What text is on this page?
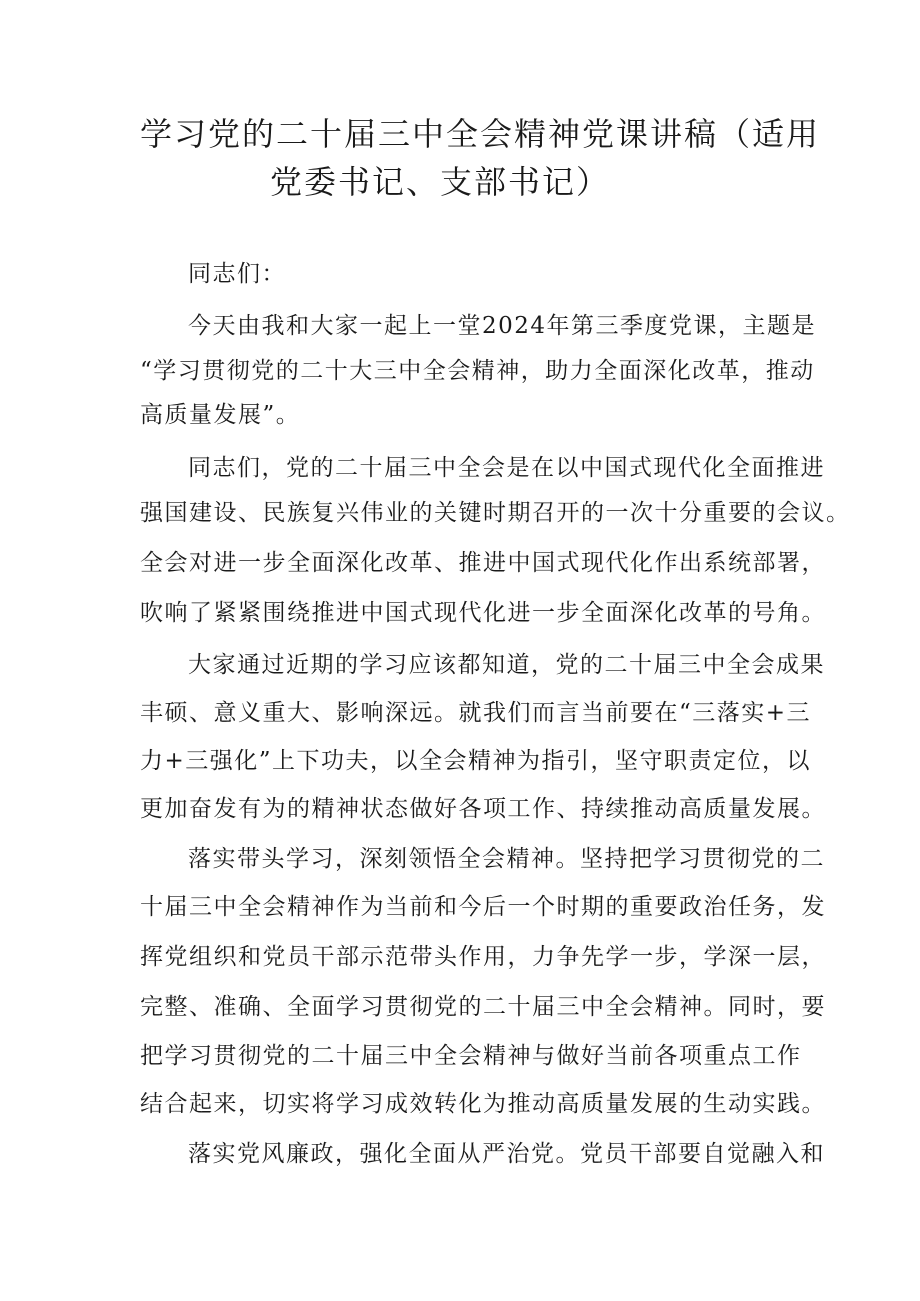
学习党的二十届三中全会精神党课讲稿（适用
党委书记、支部书记）
同志们：
今天由我和大家一起上一堂2024年第三季度党课，主题是
“学习贯彻党的二十大三中全会精神，助力全面深化改革，推动
高质量发展”。
同志们，党的二十届三中全会是在以中国式现代化全面推进
强国建设、民族复兴伟业的关键时期召开的一次十分重要的会议。
全会对进一步全面深化改革、推进中国式现代化作出系统部署，
吹响了紧紧围绕推进中国式现代化进一步全面深化改革的号角。
大家通过近期的学习应该都知道，党的二十届三中全会成果
丰硕、意义重大、影响深远。就我们而言当前要在“三落实+三
力+三强化”上下功夫，以全会精神为指引，坚守职责定位，以
更加奋发有为的精神状态做好各项工作、持续推动高质量发展。
落实带头学习，深刻领悟全会精神。坚持把学习贯彻党的二
十届三中全会精神作为当前和今后一个时期的重要政治任务，发
挥党组织和党员干部示范带头作用，力争先学一步，学深一层，
完整、准确、全面学习贯彻党的二十届三中全会精神。同时，要
把学习贯彻党的二十届三中全会精神与做好当前各项重点工作
结合起来，切实将学习成效转化为推动高质量发展的生动实践。
落实党风廉政，强化全面从严治党。党员干部要自觉融入和
